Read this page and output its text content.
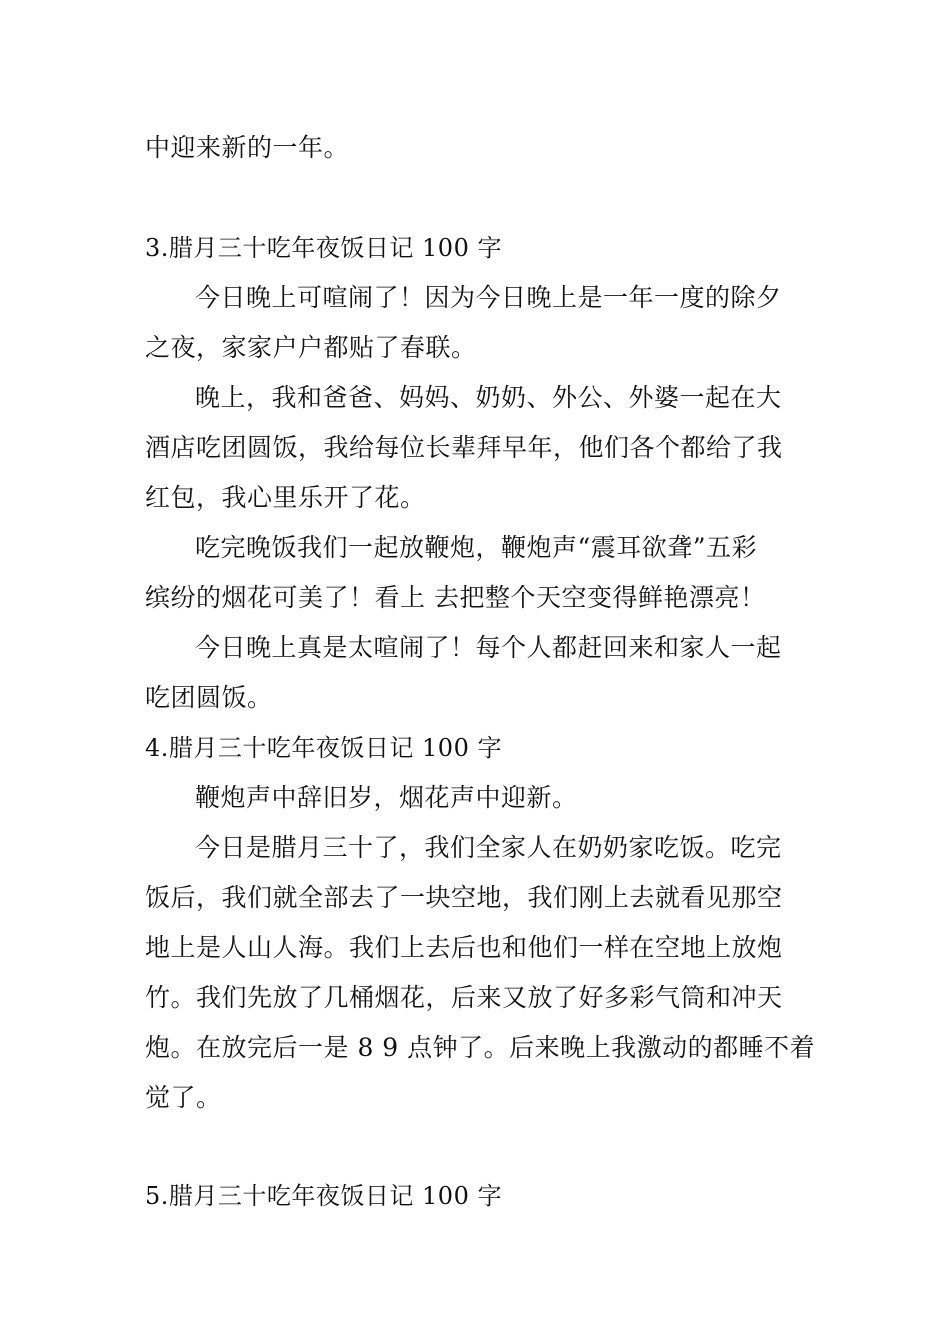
中迎来新的一年。
3.腊月三十吃年夜饭日记 100 字
今日晚上可喧闹了！因为今日晚上是一年一度的除夕
之夜，家家户户都贴了春联。
晚上，我和爸爸、妈妈、奶奶、外公、外婆一起在大
酒店吃团圆饭，我给每位长辈拜早年，他们各个都给了我
红包，我心里乐开了花。
吃完晚饭我们一起放鞭炮，鞭炮声“震耳欲聋”五彩
缤纷的烟花可美了！看上 去把整个天空变得鲜艳漂亮！
今日晚上真是太喧闹了！每个人都赶回来和家人一起
吃团圆饭。
4.腊月三十吃年夜饭日记 100 字
鞭炮声中辞旧岁，烟花声中迎新。
今日是腊月三十了，我们全家人在奶奶家吃饭。吃完
饭后，我们就全部去了一块空地，我们刚上去就看见那空
地上是人山人海。我们上去后也和他们一样在空地上放炮
竹。我们先放了几桶烟花，后来又放了好多彩气筒和冲天
炮。在放完后一是 8 9 点钟了。后来晚上我激动的都睡不着
觉了。
5.腊月三十吃年夜饭日记 100 字
